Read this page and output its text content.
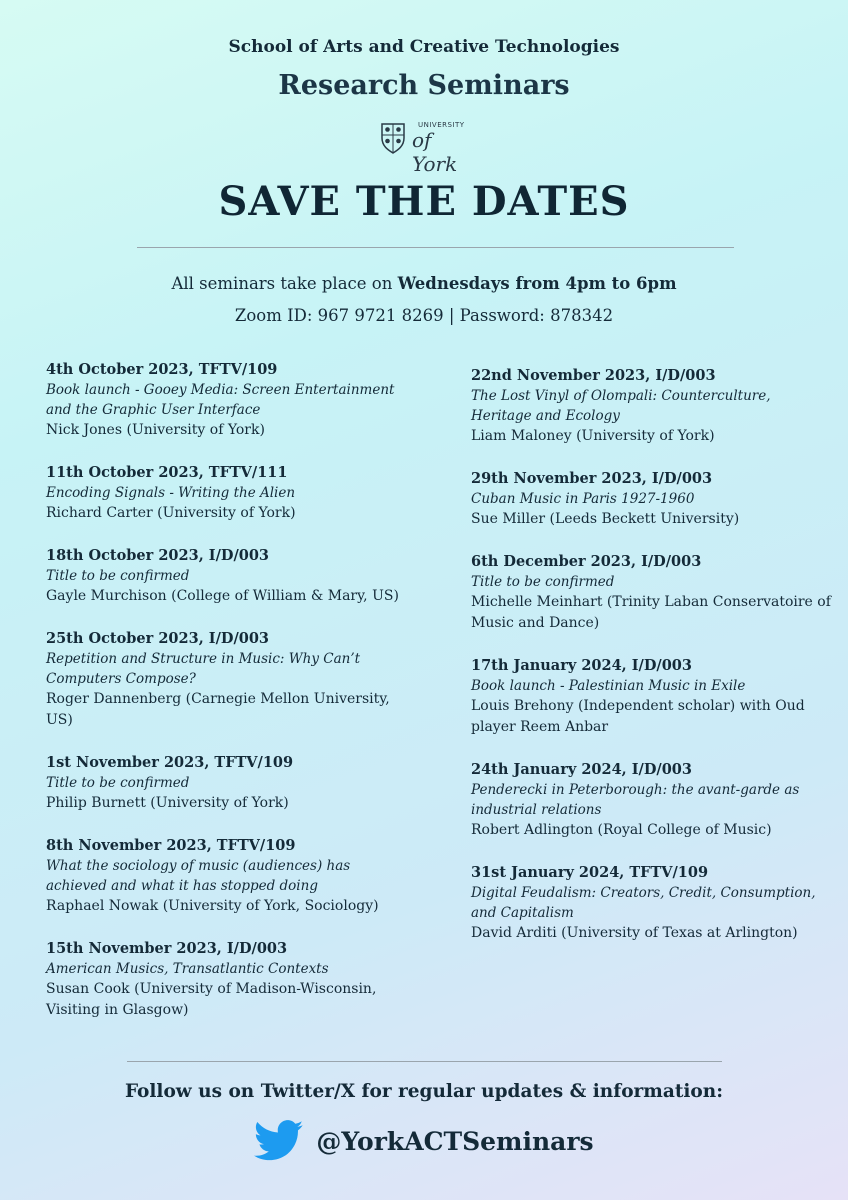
School of Arts and Creative Technologies
Research Seminars
UNIVERSITY
of York
SAVE THE DATES
All seminars take place on Wednesdays from 4pm to 6pm
Zoom ID: 967 9721 8269 | Password: 878342
4th October 2023, TFTV/109
Book launch - Gooey Media: Screen Entertainment and the Graphic User Interface
Nick Jones (University of York)
11th October 2023, TFTV/111
Encoding Signals - Writing the Alien
Richard Carter (University of York)
18th October 2023, I/D/003
Title to be confirmed
Gayle Murchison (College of William & Mary, US)
25th October 2023, I/D/003
Repetition and Structure in Music: Why Can’t Computers Compose?
Roger Dannenberg (Carnegie Mellon University, US)
1st November 2023, TFTV/109
Title to be confirmed
Philip Burnett (University of York)
8th November 2023, TFTV/109
What the sociology of music (audiences) has achieved and what it has stopped doing
Raphael Nowak (University of York, Sociology)
15th November 2023, I/D/003
American Musics, Transatlantic Contexts
Susan Cook (University of Madison-Wisconsin, Visiting in Glasgow)
22nd November 2023, I/D/003
The Lost Vinyl of Olompali: Counterculture, Heritage and Ecology
Liam Maloney (University of York)
29th November 2023, I/D/003
Cuban Music in Paris 1927-1960
Sue Miller (Leeds Beckett University)
6th December 2023, I/D/003
Title to be confirmed
Michelle Meinhart (Trinity Laban Conservatoire of Music and Dance)
17th January 2024, I/D/003
Book launch - Palestinian Music in Exile
Louis Brehony (Independent scholar) with Oud player Reem Anbar
24th January 2024, I/D/003
Penderecki in Peterborough: the avant-garde as industrial relations
Robert Adlington (Royal College of Music)
31st January 2024, TFTV/109
Digital Feudalism: Creators, Credit, Consumption, and Capitalism
David Arditi (University of Texas at Arlington)
Follow us on Twitter/X for regular updates & information:
@YorkACTSeminars
